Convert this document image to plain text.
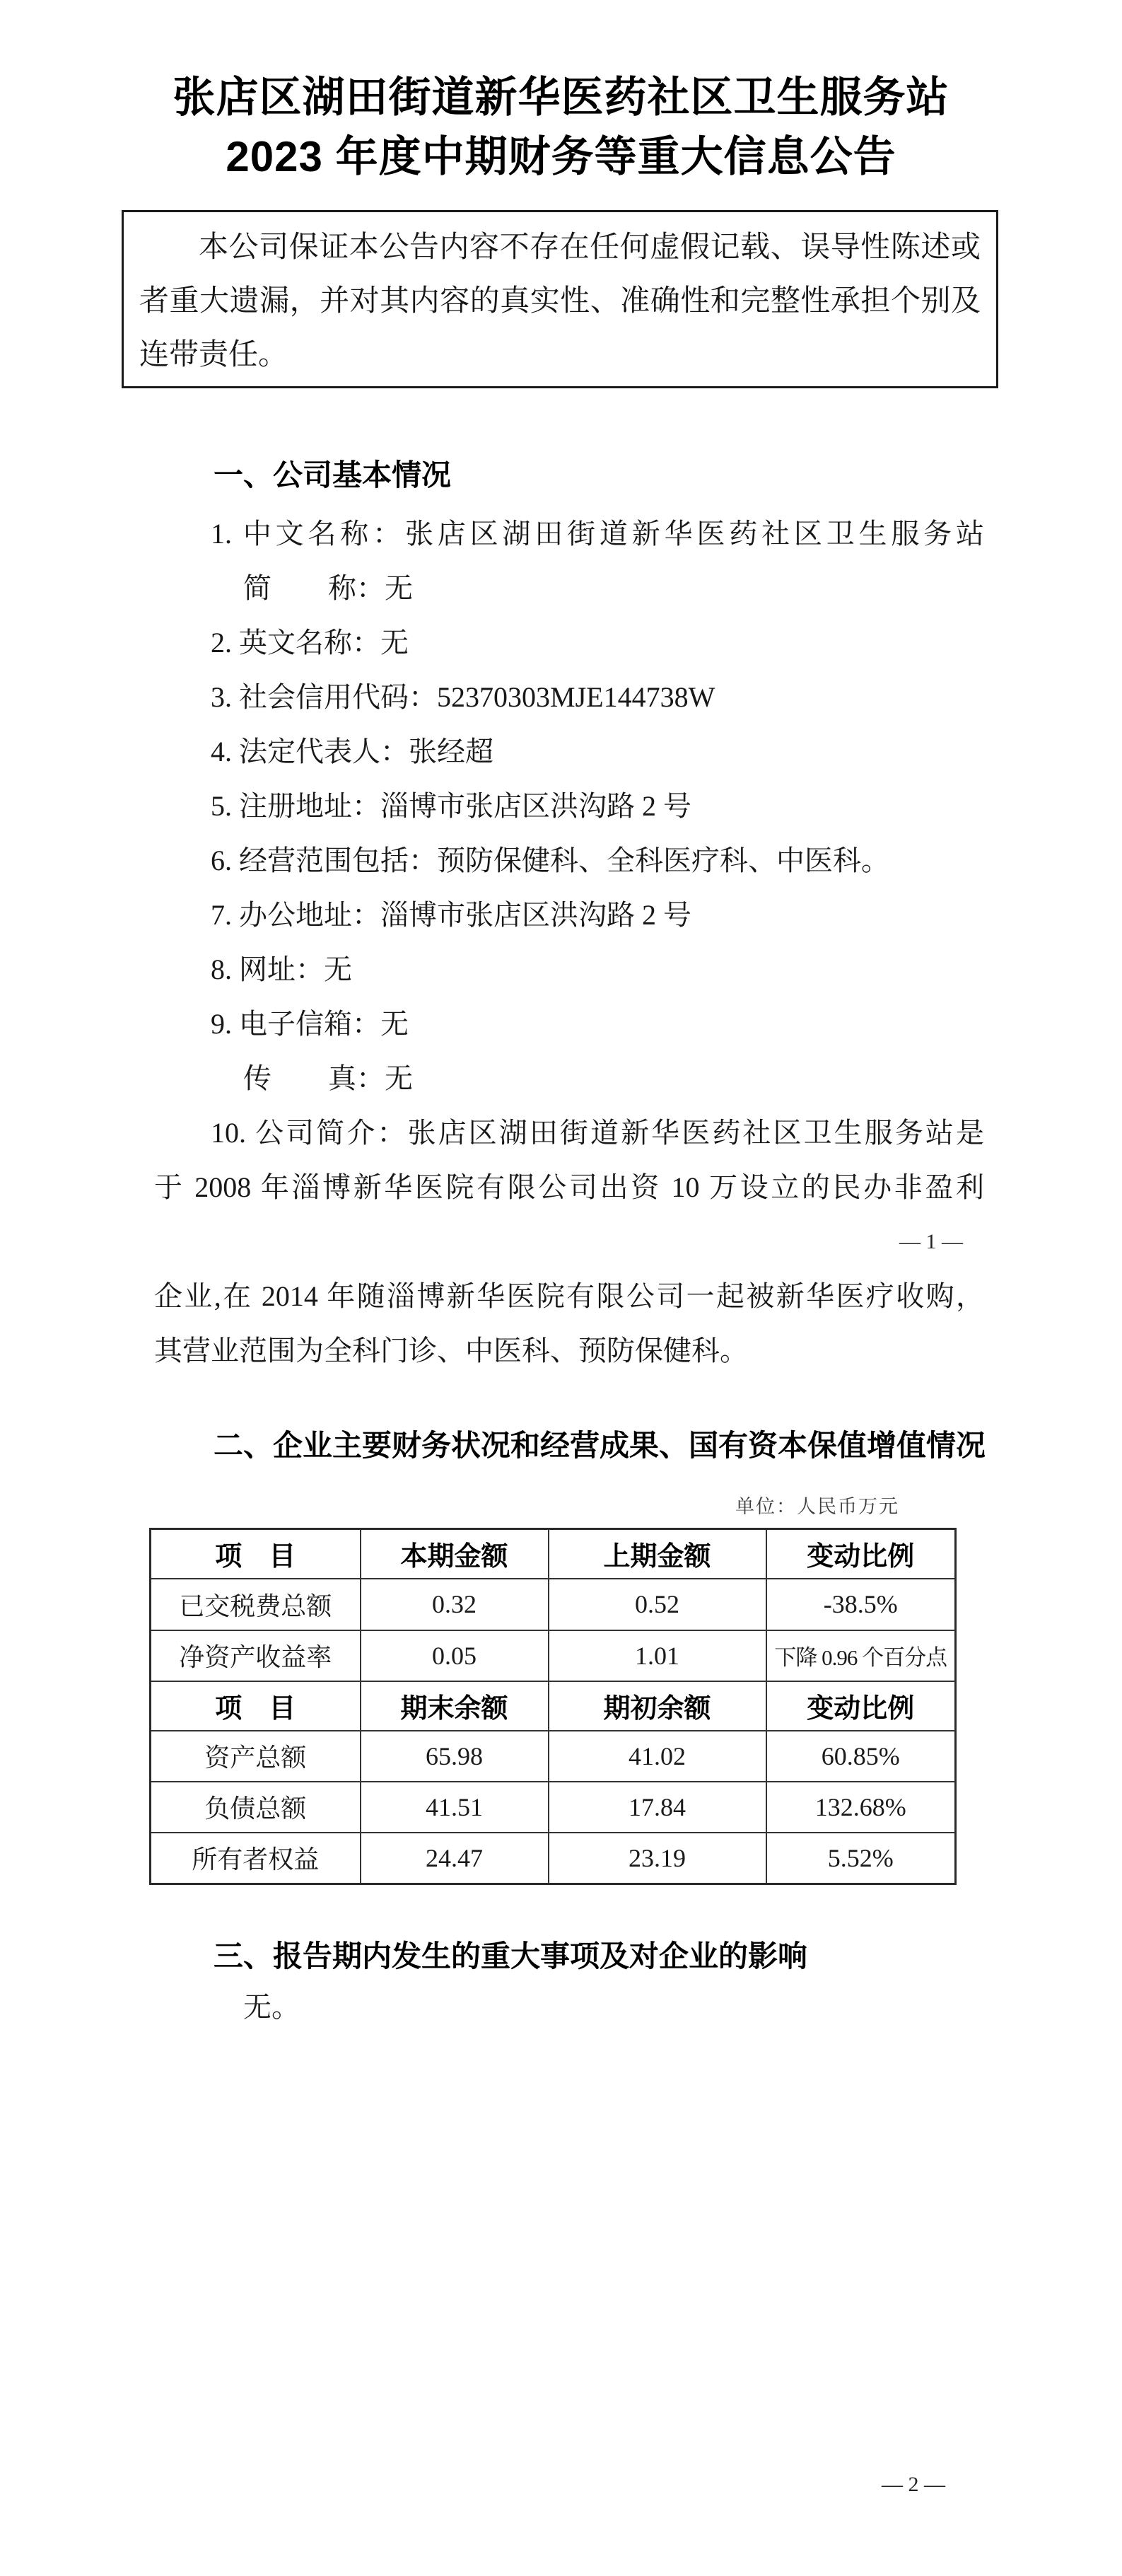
张店区湖田街道新华医药社区卫生服务站
2023 年度中期财务等重大信息公告
本公司保证本公告内容不存在任何虚假记载、误导性陈述或
者重大遗漏，并对其内容的真实性、准确性和完整性承担个别及
连带责任。
一、公司基本情况
1. 中文名称：张店区湖田街道新华医药社区卫生服务站
简　　称：无
2. 英文名称：无
3. 社会信用代码：52370303MJE144738W
4. 法定代表人：张经超
5. 注册地址：淄博市张店区洪沟路 2 号
6. 经营范围包括：预防保健科、全科医疗科、中医科。
7. 办公地址：淄博市张店区洪沟路 2 号
8. 网址：无
9. 电子信箱：无
传　　真：无
10. 公司简介：张店区湖田街道新华医药社区卫生服务站是
于 2008 年淄博新华医院有限公司出资 10 万设立的民办非盈利
— 1 —
企业,在 2014 年随淄博新华医院有限公司一起被新华医疗收购，
其营业范围为全科门诊、中医科、预防保健科。
二、企业主要财务状况和经营成果、国有资本保值增值情况
单位：人民币万元
项　目	本期金额	上期金额	变动比例
已交税费总额	0.32	0.52	-38.5%
净资产收益率	0.05	1.01	下降 0.96 个百分点
项　目	期末余额	期初余额	变动比例
资产总额	65.98	41.02	60.85%
负债总额	41.51	17.84	132.68%
所有者权益	24.47	23.19	5.52%
三、报告期内发生的重大事项及对企业的影响
无。
— 2 —
